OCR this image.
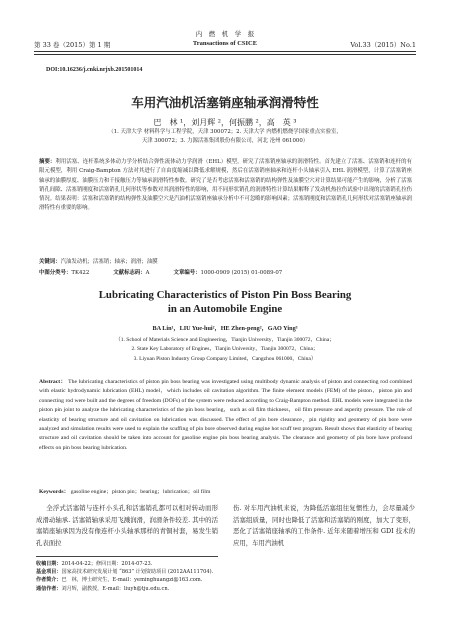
第 33 卷（2015）第 1 期
内　燃　机　学　报
Transactions of CSICE	Vol.33（2015）No.1
DOI:10.16236/j.cnki.nrjxb.201501014
车用汽油机活塞销座轴承润滑特性
巴　林 ¹，刘月辉 ²，何振鹏 ²，高　英 ³
（1. 天津大学 材料科学与工程学院，天津 300072；2. 天津大学 内燃机燃烧学国家重点实验室，
天津 300072；3. 力源活塞集团股份有限公司，河北 沧州 061000）
摘要：利用活塞、连杆系统多体动力学分析结合弹性流体动力学润滑（EHL）模型，研究了活塞销座轴承的润滑特性。首先建立了活塞、活塞销和连杆的有限元模型，利用 Craig-Bampton 方法对其进行了自由度缩减以降低求解规模，然后在活塞销座轴承和连杆小头轴承引入 EHL 润滑模型，计算了活塞销座轴承的油膜厚度、油膜压力和千接触压力等轴承润滑特性参数。研究了是否考虑活塞和活塞销的结构弹性及油膜空穴对计算结果可能产生的影响，分析了活塞销孔间隙、活塞销刚度和活塞销孔几何形状等参数对其润滑特性的影响，用不同形状销孔的润滑特性计算结果解释了发动机热拉伤试验中出现的活塞销孔拉伤情况。结果表明：活塞和活塞销的结构弹性及油膜空穴是汽油机活塞销座轴承分析中不可忽略的影响因素；活塞销刚度和活塞销孔几何形状对活塞销座轴承润滑特性有重要的影响。
关键词：汽油发动机；活塞销；轴承；润滑；油膜
中图分类号：TK422	文献标志码：A	文章编号：1000-0909 (2015) 01-0089-07
Lubricating Characteristics of Piston Pin Boss Bearing
in an Automobile Engine
BA Lin¹，LIU Yue-hui²，HE Zhen-peng²，GAO Ying³
（1. School of Materials Science and Engineering，Tianjin University，Tianjin 300072，China；
2. State Key Laboratory of Engines，Tianjin University，Tianjin 300072，China；
3. Liyuan Piston Industry Group Company Limited，Cangzhou 061000，China）
Abstract： The lubricating characteristics of piston pin boss bearing was investigated using multibody dynamic analysis of piston and connecting rod combined with elastic hydrodynamic lubrication (EHL) model，which includes oil cavitation algorithm. The finite element models (FEM) of the piston，piston pin and connecting rod were built and the degrees of freedom (DOFs) of the system were reduced according to Craig-Bampton method. EHL models were integrated in the piston pin joint to analyze the lubricating characteristics of the pin boss bearing，such as oil film thickness，oil film pressure and asperity pressure. The role of elasticity of bearing structure and oil cavitation on lubrication was discussed. The effect of pin bore clearance，pin rigidity and geometry of pin bore were analyzed and simulation results were used to explain the scuffing of pin bore observed during engine hot scuff test program. Result shows that elasticity of bearing structure and oil cavitation should be taken into account for gasoline engine pin boss bearing analysis. The clearance and geometry of pin bore have profound effects on pin boss bearing lubrication.
Keywords： gasoline engine；piston pin；bearing；lubrication；oil film
全浮式活塞销与连杆小头孔和活塞销孔都可以相对转动而形成滑动轴承. 活塞销轴承采用飞溅润滑，润滑条件较差. 其中的活塞销座轴承因为没有像连杆小头轴承那样的青铜衬套，易发生销孔表面拉
伤. 对车用汽油机来说，为降低活塞组往复惯性力，会尽量减少活塞组质量，同时也降低了活塞和活塞销的刚度，加大了变形，恶化了活塞销座轴承的工作条件. 近年来随着增压和 GDI 技术的应用，车用汽油机
收稿日期：2014-04-22；修回日期：2014-07-23.
基金项目：国家高技术研究发展计划 “863” 计划资助项目 (2012AA111704).
作者简介：巴　林，博士研究生，E-mail：yeminghuangzi@163.com.
通信作者：刘月辉，副教授，E-mail：liuyh@tju.edu.cn.
